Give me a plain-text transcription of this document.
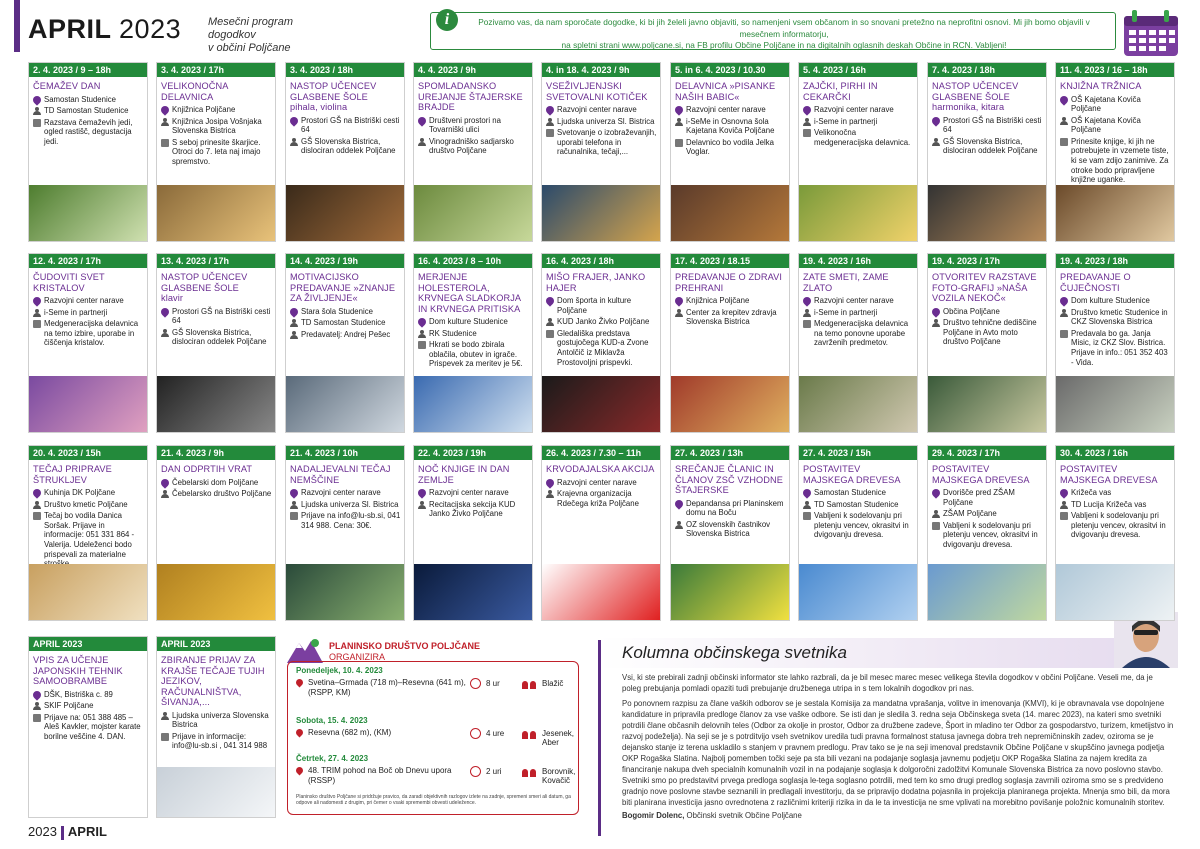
APRIL 2023 Mesečni program dogodkov
v občini Poljčane
Pozivamo vas, da nam sporočate dogodke, ki bi jih želeli javno objaviti, so namenjeni vsem občanom in so snovani pretežno na neprofitni osnovi. Mi jih bomo objavili v mesečnem informatorju,
na spletni strani www.poljcane.si, na FB profilu Občine Poljčane in na digitalnih oglasnih deskah Občine in RCN. Vabljeni!
i
PLANINSKO DRUŠTVO POLJČANE
ORGANIZIRA
Ponedeljek, 10. 4. 2023
Svetina–Grmada (718 m)–Resevna (641 m), (RSPP, KM)
8 ur	Blažič
Sobota, 15. 4. 2023
Resevna (682 m), (KM)	4 ure	Jesenek, Aber
Četrtek, 27. 4. 2023
48. TRIM pohod na Boč ob Dnevu upora (RSSP)
2 uri	Borovnik, Kovačič
Planinsko društvo Poljčane si pridržuje pravico, da zaradi objektivnih razlogov izlete na zadnje, spremeni smeri ali datum, ga odpove ali nadomesti z drugim, pri čemer o vsaki spremembi obvesti udeležence.
Kolumna občinskega svetnika

Vsi, ki ste prebirali zadnji občinski informator ste lahko razbrali, da je bil mesec marec mesec velikega števila dogodkov v občini Poljčane. Veseli me, da je poleg prebujanja pomladi opaziti tudi prebujanje družbenega utripa in s tem lokalnih dogodkov pri nas.

Po ponovnem razpisu za člane vaških odborov se je sestala Komisija za mandatna vprašanja, volitve in imenovanja (KMVI), ki je obravnavala vse dopolnjene kandidature in pripravila predloge članov za vse vaške odbore. Se isti dan je sledila 3. redna seja Občinskega sveta (14. marec 2023), na kateri smo svetniki potrdili člane občasnih delovnih teles (Odbor za okolje in prostor, Odbor za družbene zadeve, Šport in mladino ter Odbor za gospodarstvo, turizem, kmetijstvo in razvoj podeželja). Na seji se je s potrditvijo vseh svetnikov uredila tudi pravna formalnost statusa javnega dobra treh nepremičninskih zadev, oziroma se je dejansko stanje iz terena uskladilo s stanjem v pravnem predlogu. Prav tako se je na seji imenoval predstavnik Občine Poljčane v skupščino javnega podjetja OKP Rogaška Slatina. Najbolj pomemben točki seje pa sta bili vezani na podajanje soglasja javnemu podjetju OKP Rogaška Slatina za najem kredita za financiranje nakupa dveh specialnih komunalnih vozil in na podajanje soglasja k dolgoročni zadolžitvi Komunale Slovenska Bistrica za novo poslovno stavbo. Svetniki smo po predstavitvi prvega predloga soglasja le-tega soglasno potrdili, med tem ko smo drugi predlog soglasja zavrnili oziroma smo se s predvideno gradnjo nove poslovne stavbe seznanili in predlagali investitorju, da se pripravijo dodatna pojasnila in projekcija planiranega projekta. Mnenja smo bili, da mora biti planirana investicija jasno ovrednotena z različnimi kriteriji rizika in da le ta investicija ne sme vplivati na morebitno povišanje položnic komunalnih storitev.

Bogomir Dolenc, Občinski svetnik Občine Poljčane

2023 APRIL
2. 4. 2023 / 9 – 18h
ČEMAŽEV DAN
Samostan Studenice
TD Samostan Studenice
Razstava čemaževih jedi, ogled rastišč, degustacija jedi.
3. 4. 2023 / 17h
VELIKONOČNA DELAVNICA
Knjižnica Poljčane
Knjižnica Josipa Vošnjaka Slovenska Bistrica
S seboj prinesite škarjice. Otroci do 7. leta naj imajo spremstvo.
3. 4. 2023 / 18h
NASTOP UČENCEV GLASBENE ŠOLE
pihala, violina
Prostori GŠ na Bistriški cesti 64
GŠ Slovenska Bistrica, dislociran oddelek Poljčane
4. 4. 2023 / 9h
SPOMLADANSKO UREJANJE ŠTAJERSKE BRAJDE
Društveni prostori na Tovarniški ulici
Vinogradniško sadjarsko društvo Poljčane
4. in 18. 4. 2023 / 9h
VSEŽIVLJENJSKI SVETOVALNI KOTIČEK
Razvojni center narave
Ljudska univerza Sl. Bistrica
Svetovanje o izobraževanjih, uporabi telefona in računalnika, tečaji,...
5. in 6. 4. 2023 / 10.30
DELAVNICA »PISANKE NAŠIH BABIC«
Razvojni center narave
i-SeMe in Osnovna šola Kajetana Koviča Poljčane
Delavnico bo vodila Jelka Voglar.
5. 4. 2023 / 16h
ZAJČKI, PIRHI IN CEKARČKI
Razvojni center narave
i-Seme in partnerji
Velikonočna medgeneracijska delavnica.
7. 4. 2023 / 18h
NASTOP UČENCEV GLASBENE ŠOLE
harmonika, kitara
Prostori GŠ na Bistriški cesti 64
GŠ Slovenska Bistrica, dislociran oddelek Poljčane
11. 4. 2023 / 16 – 18h
KNJIŽNA TRŽNICA
OŠ Kajetana Koviča Poljčane
OŠ Kajetana Koviča Poljčane
Prinesite knjige, ki jih ne potrebujete in vzemete tiste, ki se vam zdijo zanimive. Za otroke bodo pripravljene knjižne uganke.
12. 4. 2023 / 17h
ČUDOVITI SVET KRISTALOV
Razvojni center narave
i-Seme in partnerji
Medgeneracijska delavnica na temo izbire, uporabe in čiščenja kristalov.
13. 4. 2023 / 17h
NASTOP UČENCEV GLASBENE ŠOLE
klavir
Prostori GŠ na Bistriški cesti 64
GŠ Slovenska Bistrica, dislociran oddelek Poljčane
14. 4. 2023 / 19h
MOTIVACIJSKO PREDAVANJE »ZNANJE ZA ŽIVLJENJE«
Stara šola Studenice
TD Samostan Studenice
Predavatelj: Andrej Pešec
16. 4. 2023 / 8 – 10h
MERJENJE HOLESTEROLA, KRVNEGA SLADKORJA IN KRVNEGA PRITISKA
Dom kulture Studenice
RK Studenice
Hkrati se bodo zbirala oblačila, obutev in igrače. Prispevek za meritev je 5€.
16. 4. 2023 / 18h
MIŠO FRAJER, JANKO HAJER
Dom športa in kulture Poljčane
KUD Janko Živko Poljčane
Gledališka predstava gostujočega KUD-a Zvone Antolčič iz Miklavža Prostovoljni prispevki.
17. 4. 2023 / 18.15
PREDAVANJE O ZDRAVI PREHRANI
Knjižnica Poljčane
Center za krepitev zdravja Slovenska Bistrica
19. 4. 2023 / 16h
ZATE SMETI, ZAME ZLATO
Razvojni center narave
i-Seme in partnerji
Medgeneracijska delavnica na temo ponovne uporabe zavrženih predmetov.
19. 4. 2023 / 17h
OTVORITEV RAZSTAVE FOTO-GRAFIJ »NAŠA VOZILA NEKOČ«
Občina Poljčane
Društvo tehnične dediščine Poljčane in Avto moto društvo Poljčane
19. 4. 2023 / 18h
PREDAVANJE O ČUJEČNOSTI
Dom kulture Studenice
Društvo kmetic Studenice in CKZ Slovenska Bistrica
Predavala bo ga. Janja Misic, iz CKZ Slov. Bistrica. Prijave in info.: 051 352 403 - Vida.
20. 4. 2023 / 15h
TEČAJ PRIPRAVE ŠTRUKLJEV
Kuhinja DK Poljčane
Društvo kmetic Poljčane
Tečaj bo vodila Danica Soršak. Prijave in informacije: 051 331 864 - Valerija. Udeleženci bodo prispevali za materialne
21. 4. 2023 / 9h
DAN ODPRTIH VRAT
Čebelarski dom Poljčane
Čebelarsko društvo Poljčane
21. 4. 2023 / 10h
NADALJEVALNI TEČAJ NEMŠČINE
Razvojni center narave
Ljudska univerza Sl. Bistrica
Prijave na info@lu-sb.si, 041 314 988. Cena: 30€.
22. 4. 2023 / 19h
NOČ KNJIGE IN DAN ZEMLJE
Razvojni center narave
Recitacijska sekcija KUD Janko Živko Poljčane
26. 4. 2023 / 7.30 – 11h
KRVODAJALSKA AKCIJA
Razvojni center narave
Krajevna organizacija Rdečega križa Poljčane
27. 4. 2023 / 13h
SREČANJE ČLANIC IN ČLANOV ZSČ VZHODNE ŠTAJERSKE
Depandansa pri Planinskem domu na Boču
OZ slovenskih častnikov Slovenska Bistrica
27. 4. 2023 / 15h
POSTAVITEV MAJSKEGA DREVESA
Samostan Studenice
TD Samostan Studenice
Vabljeni k sodelovanju pri pletenju vencev, okrasitvi in dvigovanju drevesa.
29. 4. 2023 / 17h
POSTAVITEV MAJSKEGA DREVESA
Dvorišče pred ZŠAM Poljčane
ZŠAM Poljčane
Vabljeni k sodelovanju pri pletenju vencev, okrasitvi in dvigovanju drevesa.
30. 4. 2023 / 16h
POSTAVITEV MAJSKEGA DREVESA
Križeča vas
TD Lucija Križeča vas
Vabljeni k sodelovanju pri pletenju vencev, okrasitvi in dvigovanju drevesa.
APRIL 2023
VPIS ZA UČENJE JAPONSKIH TEHNIK SAMOOBRAMBE
DŠK, Bistriška c. 89
SKIF Poljčane
Prijave na: 051 388 485 – Aleš Kavkler, mojster karate borilne veščine 4. DAN.
APRIL 2023
ZBIRANJE PRIJAV ZA KRAJŠE TEČAJE TUJIH JEZIKOV, RAČUNALNIŠTVA, ŠIVANJA,...
Ljudska univerza Slovenska Bistrica
Prijave in informacije: info@lu-sb.si , 041 314 988
